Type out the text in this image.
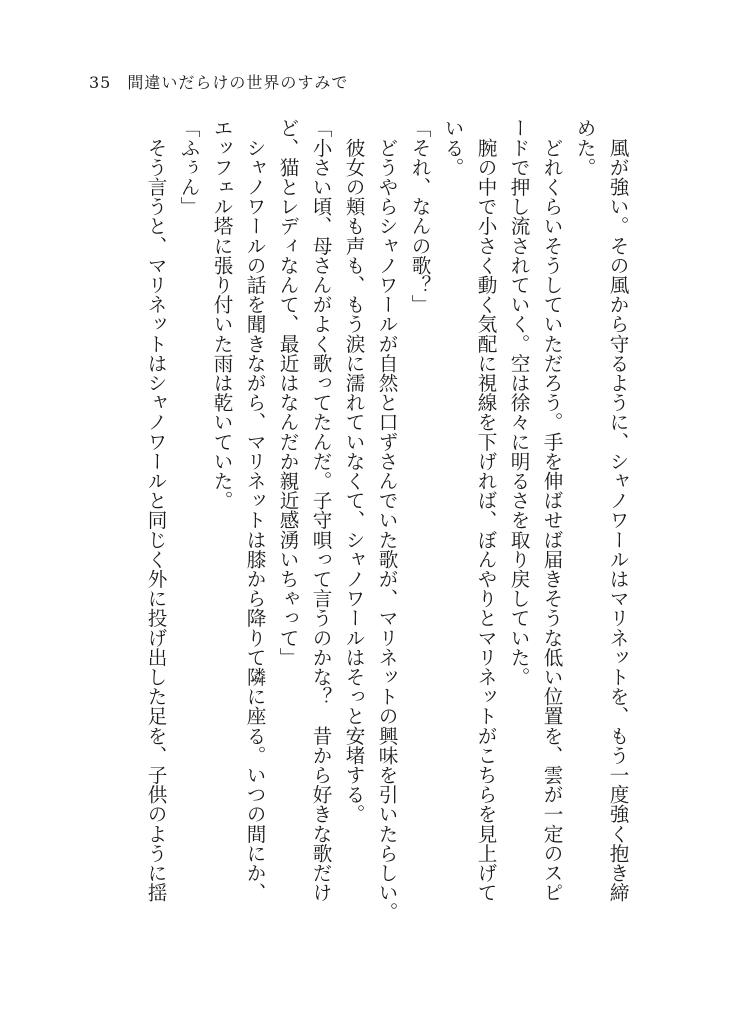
35 間違いだらけの世界のすみで

　風が強い。その風から守るように、シャノワールはマリネットを、もう一度強く抱き締

めた。

　どれくらいそうしていただろう。手を伸ばせば届きそうな低い位置を、雲が一定のスピ

ードで押し流されていく。空は徐々に明るさを取り戻していた。

　腕の中で小さく動く気配に視線を下げれば、ぼんやりとマリネットがこちらを見上げて

いる。

「それ、なんの歌？」

　どうやらシャノワールが自然と口ずさんでいた歌が、マリネットの興味を引いたらしい。

　彼女の頬も声も、もう涙に濡れていなくて、シャノワールはそっと安堵する。

「小さい頃、母さんがよく歌ってたんだ。子守唄って言うのかな？　昔から好きな歌だけ

ど、猫とレディなんて、最近はなんだか親近感湧いちゃって」

　シャノワールの話を聞きながら、マリネットは膝から降りて隣に座る。いつの間にか、

エッフェル塔に張り付いた雨は乾いていた。

「ふぅん」

　そう言うと、マリネットはシャノワールと同じく外に投げ出した足を、子供のように揺
